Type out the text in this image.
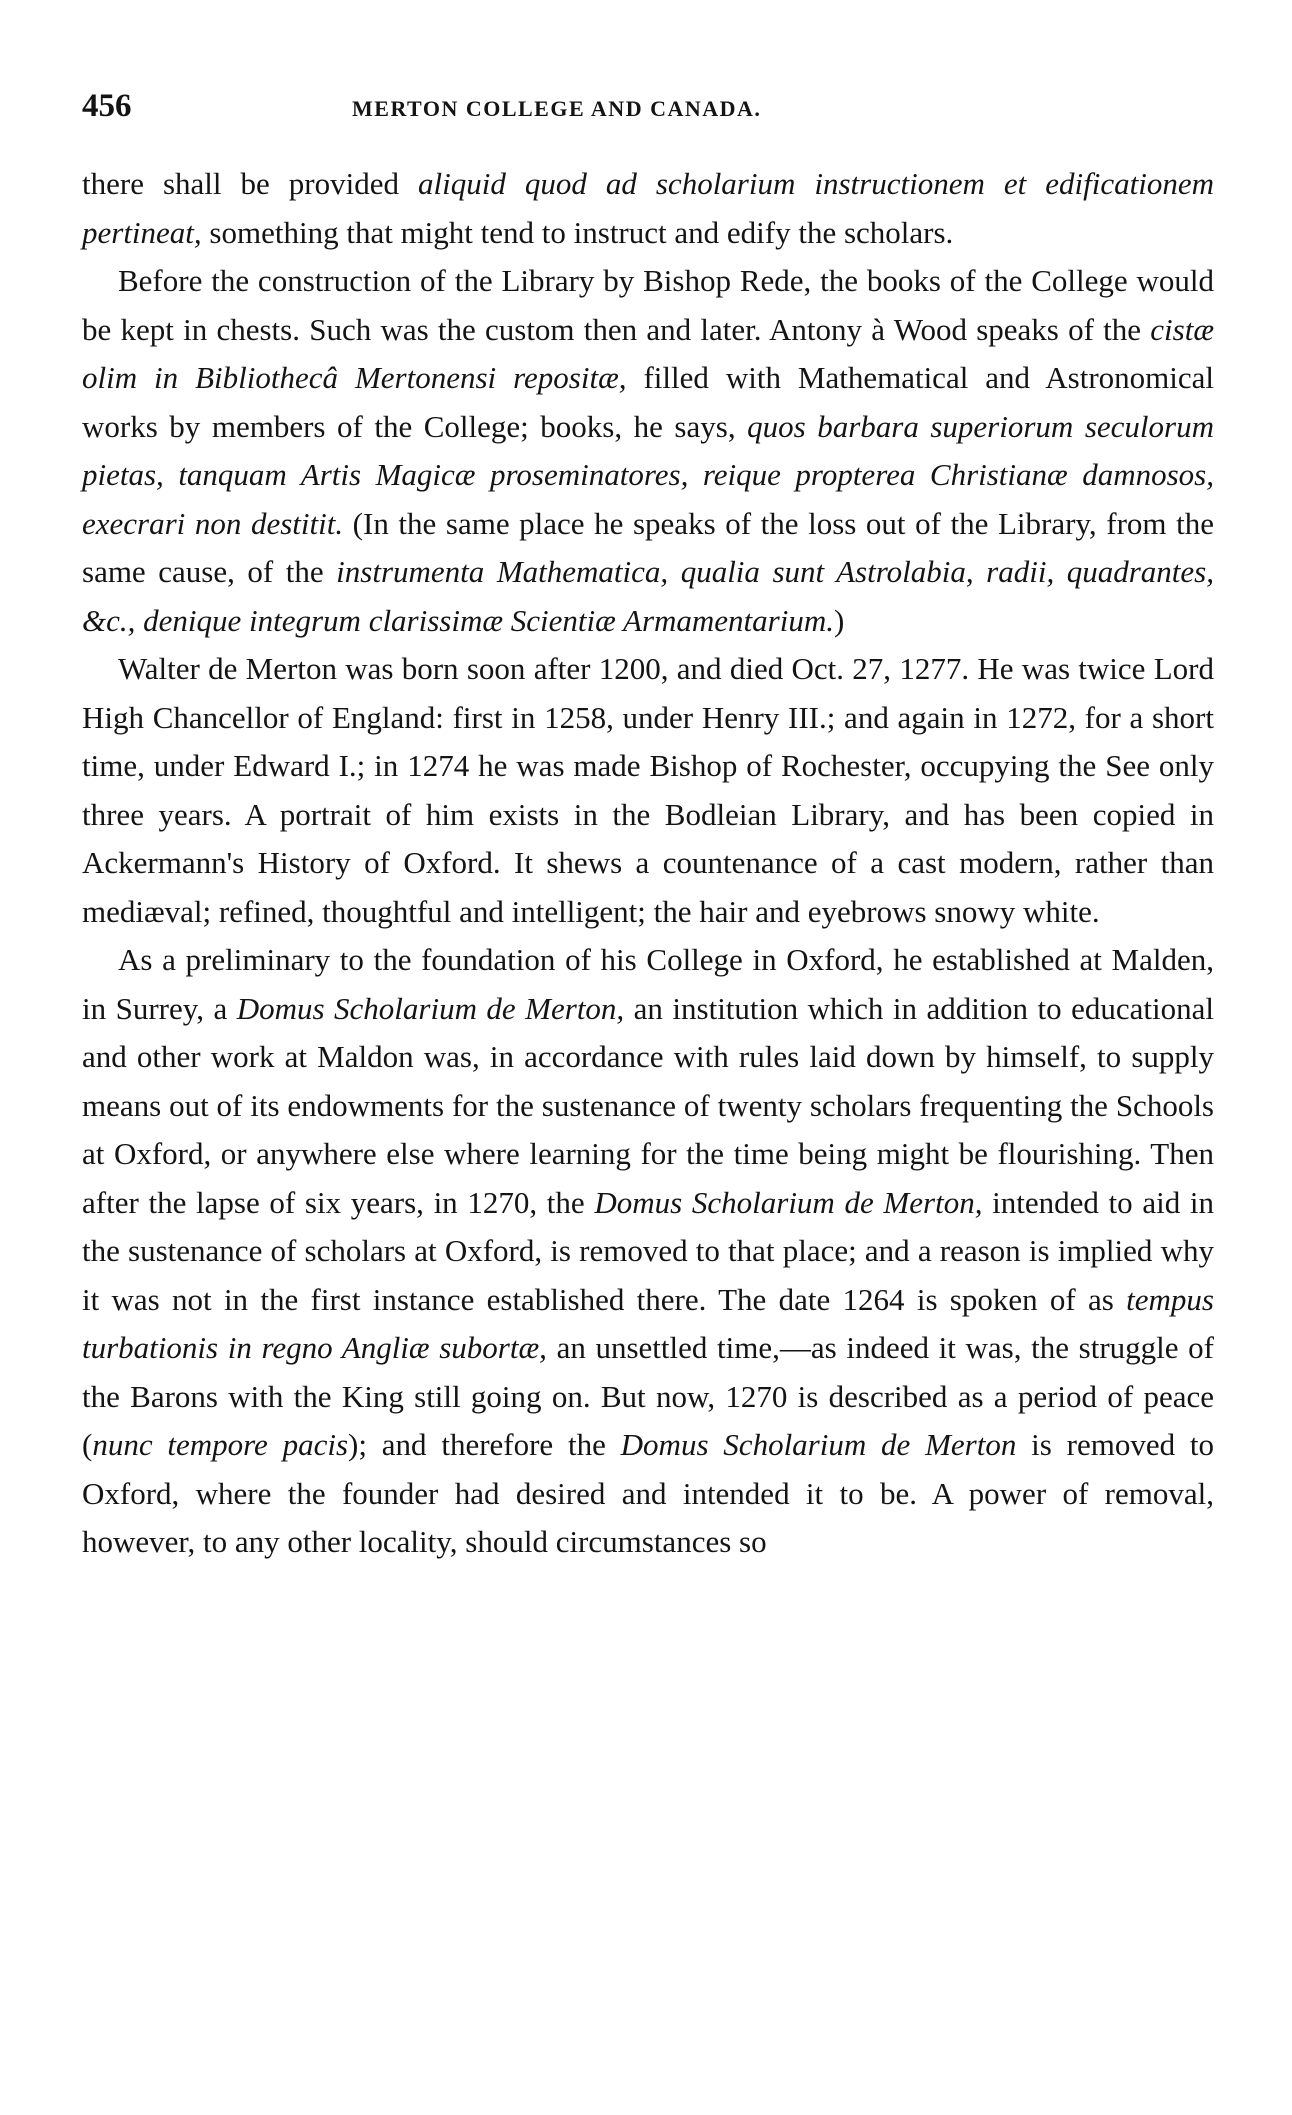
456	MERTON COLLEGE AND CANADA.

there shall be provided aliquid quod ad scholarium instructionem et edificationem pertineat, something that might tend to instruct and edify the scholars.

Before the construction of the Library by Bishop Rede, the books of the College would be kept in chests. Such was the custom then and later. Antony à Wood speaks of the cistæ olim in Bibliothecâ Mertonensi repositæ, filled with Mathematical and Astronomical works by members of the College; books, he says, quos barbara superiorum seculorum pietas, tanquam Artis Magicæ proseminatores, reique propterea Christianæ damnosos, execrari non destitit. (In the same place he speaks of the loss out of the Library, from the same cause, of the instrumenta Mathematica, qualia sunt Astrolabia, radii, quadrantes, &c., denique integrum clarissimæ Scientiæ Armamentarium.)

Walter de Merton was born soon after 1200, and died Oct. 27, 1277. He was twice Lord High Chancellor of England: first in 1258, under Henry III.; and again in 1272, for a short time, under Edward I.; in 1274 he was made Bishop of Rochester, occupying the See only three years. A portrait of him exists in the Bodleian Library, and has been copied in Ackermann's History of Oxford. It shews a countenance of a cast modern, rather than mediæval; refined, thoughtful and intelligent; the hair and eyebrows snowy white.

As a preliminary to the foundation of his College in Oxford, he established at Malden, in Surrey, a Domus Scholarium de Merton, an institution which in addition to educational and other work at Maldon was, in accordance with rules laid down by himself, to supply means out of its endowments for the sustenance of twenty scholars frequenting the Schools at Oxford, or anywhere else where learning for the time being might be flourishing. Then after the lapse of six years, in 1270, the Domus Scholarium de Merton, intended to aid in the sustenance of scholars at Oxford, is removed to that place; and a reason is implied why it was not in the first instance established there. The date 1264 is spoken of as tempus turbationis in regno Angliæ subortæ, an unsettled time,—as indeed it was, the struggle of the Barons with the King still going on. But now, 1270 is described as a period of peace (nunc tempore pacis); and therefore the Domus Scholarium de Merton is removed to Oxford, where the founder had desired and intended it to be. A power of removal, however, to any other locality, should circumstances so
